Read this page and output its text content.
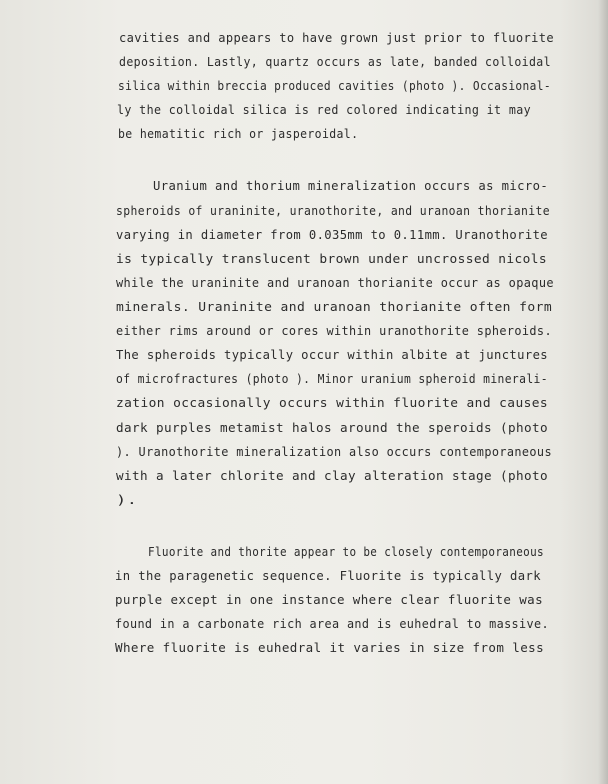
cavities and appears to have grown just prior to fluorite
deposition. Lastly, quartz occurs as late, banded colloidal
silica within breccia produced cavities (photo ). Occasional-
ly the colloidal silica is red colored indicating it may
be hematitic rich or jasperoidal.
Uranium and thorium mineralization occurs as micro-
spheroids of uraninite, uranothorite, and uranoan thorianite
varying in diameter from 0.035mm to 0.11mm. Uranothorite
is typically translucent brown under uncrossed nicols
while the uraninite and uranoan thorianite occur as opaque
minerals. Uraninite and uranoan thorianite often form
either rims around or cores within uranothorite spheroids.
The spheroids typically occur within albite at junctures
of microfractures (photo ). Minor uranium spheroid minerali-
zation occasionally occurs within fluorite and causes
dark purples metamist halos around the speroids (photo
). Uranothorite mineralization also occurs contemporaneous
with a later chlorite and clay alteration stage (photo
).
Fluorite and thorite appear to be closely contemporaneous
in the paragenetic sequence. Fluorite is typically dark
purple except in one instance where clear fluorite was
found in a carbonate rich area and is euhedral to massive.
Where fluorite is euhedral it varies in size from less
